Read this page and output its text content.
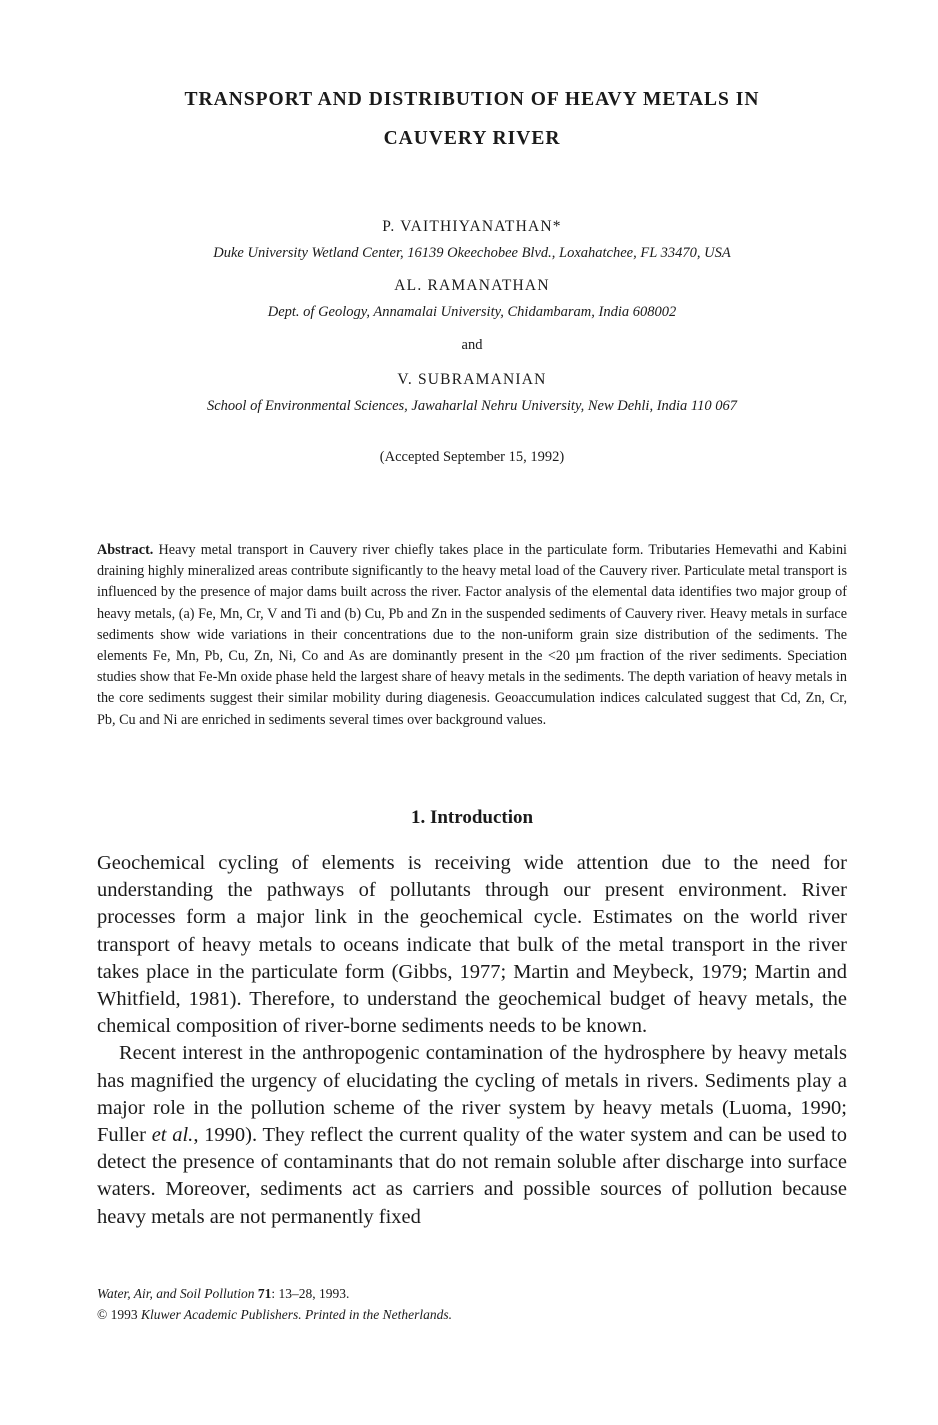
TRANSPORT AND DISTRIBUTION OF HEAVY METALS IN
CAUVERY RIVER

P. VAITHIYANATHAN*

Duke University Wetland Center, 16139 Okeechobee Blvd., Loxahatchee, FL 33470, USA

AL. RAMANATHAN

Dept. of Geology, Annamalai University, Chidambaram, India 608002

and

V. SUBRAMANIAN

School of Environmental Sciences, Jawaharlal Nehru University, New Dehli, India 110 067

(Accepted September 15, 1992)

Abstract. Heavy metal transport in Cauvery river chiefly takes place in the particulate form. Tributaries Hemevathi and Kabini draining highly mineralized areas contribute significantly to the heavy metal load of the Cauvery river. Particulate metal transport is influenced by the presence of major dams built across the river. Factor analysis of the elemental data identifies two major group of heavy metals, (a) Fe, Mn, Cr, V and Ti and (b) Cu, Pb and Zn in the suspended sediments of Cauvery river. Heavy metals in surface sediments show wide variations in their concentrations due to the non-uniform grain size distribution of the sediments. The elements Fe, Mn, Pb, Cu, Zn, Ni, Co and As are dominantly present in the <20 µm fraction of the river sediments. Speciation studies show that Fe-Mn oxide phase held the largest share of heavy metals in the sediments. The depth variation of heavy metals in the core sediments suggest their similar mobility during diagenesis. Geoaccumulation indices calculated suggest that Cd, Zn, Cr, Pb, Cu and Ni are enriched in sediments several times over background values.

1. Introduction

Geochemical cycling of elements is receiving wide attention due to the need for understanding the pathways of pollutants through our present environment. River processes form a major link in the geochemical cycle. Estimates on the world river transport of heavy metals to oceans indicate that bulk of the metal transport in the river takes place in the particulate form (Gibbs, 1977; Martin and Meybeck, 1979; Martin and Whitfield, 1981). Therefore, to understand the geochemical budget of heavy metals, the chemical composition of river-borne sediments needs to be known.

Recent interest in the anthropogenic contamination of the hydrosphere by heavy metals has magnified the urgency of elucidating the cycling of metals in rivers. Sediments play a major role in the pollution scheme of the river system by heavy metals (Luoma, 1990; Fuller et al., 1990). They reflect the current quality of the water system and can be used to detect the presence of contaminants that do not remain soluble after discharge into surface waters. Moreover, sediments act as carriers and possible sources of pollution because heavy metals are not permanently fixed

Water, Air, and Soil Pollution 71: 13–28, 1993.
© 1993 Kluwer Academic Publishers. Printed in the Netherlands.
